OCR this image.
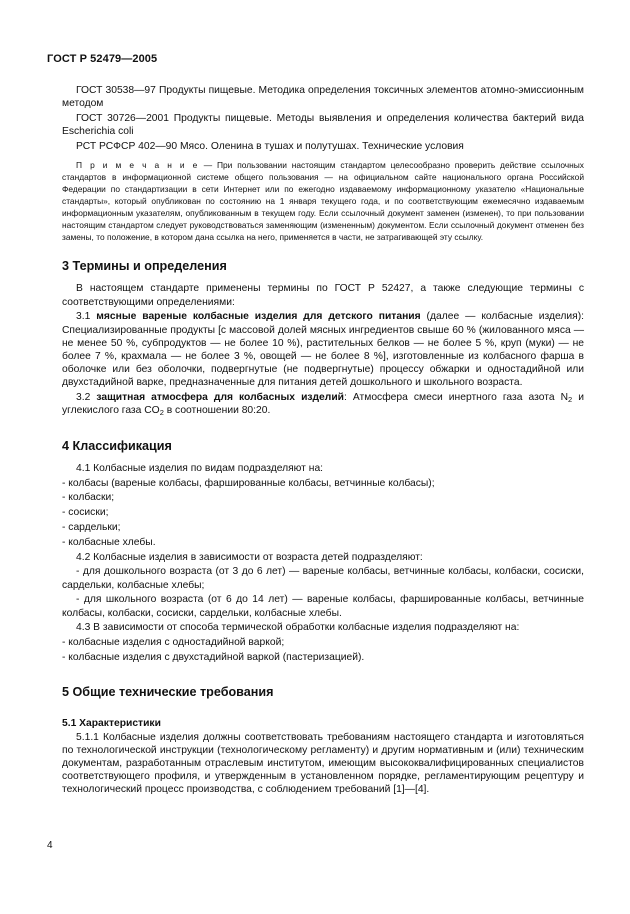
ГОСТ Р 52479—2005

ГОСТ 30538—97 Продукты пищевые. Методика определения токсичных элементов атомно-эмиссионным методом

ГОСТ 30726—2001 Продукты пищевые. Методы выявления и определения количества бактерий вида Escherichia coli

РСТ РСФСР 402—90 Мясо. Оленина в тушах и полутушах. Технические условия

П р и м е ч а н и е — При пользовании настоящим стандартом целесообразно проверить действие ссылочных стандартов в информационной системе общего пользования — на официальном сайте национального органа Российской Федерации по стандартизации в сети Интернет или по ежегодно издаваемому информационному указателю «Национальные стандарты», который опубликован по состоянию на 1 января текущего года, и по соответствующим ежемесячно издаваемым информационным указателям, опубликованным в текущем году. Если ссылочный документ заменен (изменен), то при пользовании настоящим стандартом следует руководствоваться заменяющим (измененным) документом. Если ссылочный документ отменен без замены, то положение, в котором дана ссылка на него, применяется в части, не затрагивающей эту ссылку.

3 Термины и определения

В настоящем стандарте применены термины по ГОСТ Р 52427, а также следующие термины с соответствующими определениями:

3.1 мясные вареные колбасные изделия для детского питания (далее — колбасные изделия): Специализированные продукты [с массовой долей мясных ингредиентов свыше 60 % (жилованного мяса — не менее 50 %, субпродуктов — не более 10 %), растительных белков — не более 5 %, круп (муки) — не более 7 %, крахмала — не более 3 %, овощей — не более 8 %], изготовленные из колбасного фарша в оболочке или без оболочки, подвергнутые (не подвергнутые) процессу обжарки и одностадийной или двухстадийной варке, предназначенные для питания детей дошкольного и школьного возраста.

3.2 защитная атмосфера для колбасных изделий: Атмосфера смеси инертного газа азота $N_2$ и углекислого газа $CO_2$ в соотношении 80:20.

4 Классификация

4.1 Колбасные изделия по видам подразделяют на:

- колбасы (вареные колбасы, фаршированные колбасы, ветчинные колбасы);

- колбаски;

- сосиски;

- сардельки;

- колбасные хлебы.

4.2 Колбасные изделия в зависимости от возраста детей подразделяют:

- для дошкольного возраста (от 3 до 6 лет) — вареные колбасы, ветчинные колбасы, колбаски, сосиски, сардельки, колбасные хлебы;

- для школьного возраста (от 6 до 14 лет) — вареные колбасы, фаршированные колбасы, ветчинные колбасы, колбаски, сосиски, сардельки, колбасные хлебы.

4.3 В зависимости от способа термической обработки колбасные изделия подразделяют на:

- колбасные изделия с одностадийной варкой;

- колбасные изделия с двухстадийной варкой (пастеризацией).

5 Общие технические требования

5.1 Характеристики

5.1.1 Колбасные изделия должны соответствовать требованиям настоящего стандарта и изготовляться по технологической инструкции (технологическому регламенту) и другим нормативным и (или) техническим документам, разработанным отраслевым институтом, имеющим высококвалифицированных специалистов соответствующего профиля, и утвержденным в установленном порядке, регламентирующим рецептуру и технологический процесс производства, с соблюдением требований [1]—[4].

4
